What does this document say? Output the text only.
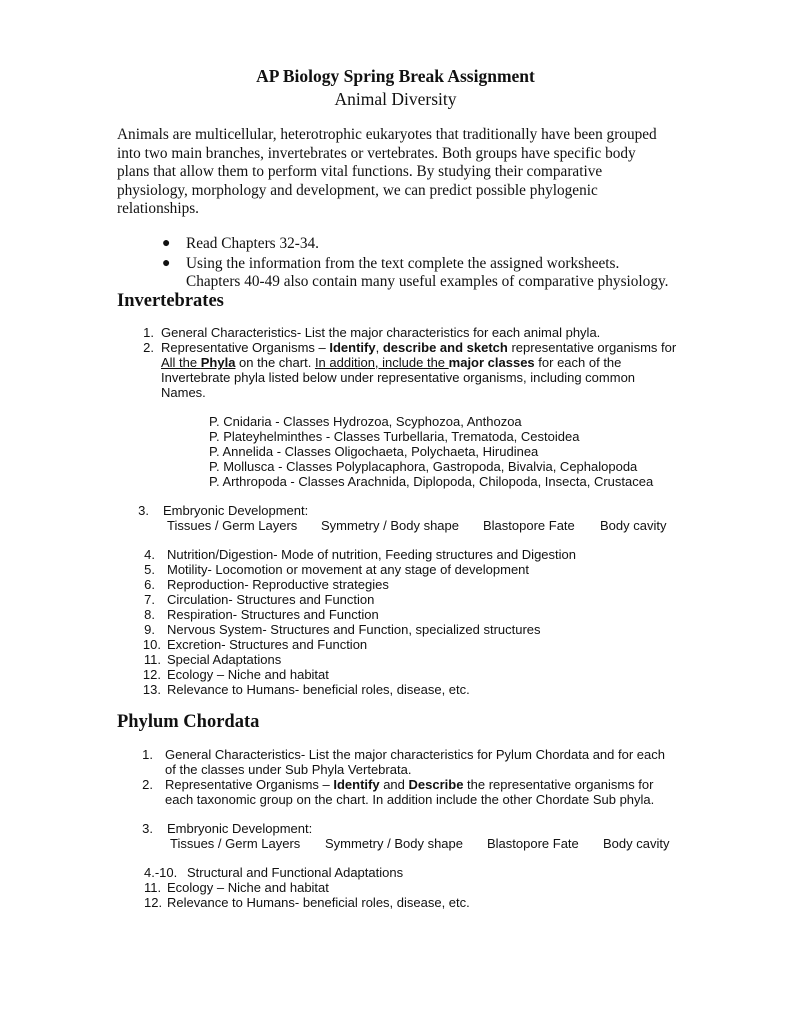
AP Biology Spring Break Assignment
Animal Diversity
Animals are multicellular, heterotrophic eukaryotes that traditionally have been grouped
into two main branches, invertebrates or vertebrates. Both groups have specific body
plans that allow them to perform vital functions. By studying their comparative
physiology, morphology and development, we can predict possible phylogenic
relationships.
● Read Chapters 32-34.
● Using the information from the text complete the assigned worksheets.
Chapters 40-49 also contain many useful examples of comparative physiology.
Invertebrates
1. General Characteristics- List the major characteristics for each animal phyla.
2. Representative Organisms – Identify, describe and sketch representative organisms for
All the Phyla on the chart. In addition, include the major classes for each of the
Invertebrate phyla listed below under representative organisms, including common
Names.
P. Cnidaria - Classes Hydrozoa, Scyphozoa, Anthozoa
P. Plateyhelminthes - Classes Turbellaria, Trematoda, Cestoidea
P. Annelida - Classes Oligochaeta, Polychaeta, Hirudinea
P. Mollusca - Classes Polyplacaphora, Gastropoda, Bivalvia, Cephalopoda
P. Arthropoda - Classes Arachnida, Diplopoda, Chilopoda, Insecta, Crustacea
3. Embryonic Development:
Tissues / Germ Layers Symmetry / Body shape Blastopore Fate Body cavity
4. Nutrition/Digestion- Mode of nutrition, Feeding structures and Digestion
5. Motility- Locomotion or movement at any stage of development
6. Reproduction- Reproductive strategies
7. Circulation- Structures and Function
8. Respiration- Structures and Function
9. Nervous System- Structures and Function, specialized structures
10. Excretion- Structures and Function
11. Special Adaptations
12. Ecology – Niche and habitat
13. Relevance to Humans- beneficial roles, disease, etc.
Phylum Chordata
1. General Characteristics- List the major characteristics for Pylum Chordata and for each
of the classes under Sub Phyla Vertebrata.
2. Representative Organisms – Identify and Describe the representative organisms for
each taxonomic group on the chart. In addition include the other Chordate Sub phyla.
3. Embryonic Development:
Tissues / Germ Layers Symmetry / Body shape Blastopore Fate Body cavity
4.-10. Structural and Functional Adaptations
11. Ecology – Niche and habitat
12. Relevance to Humans- beneficial roles, disease, etc.
